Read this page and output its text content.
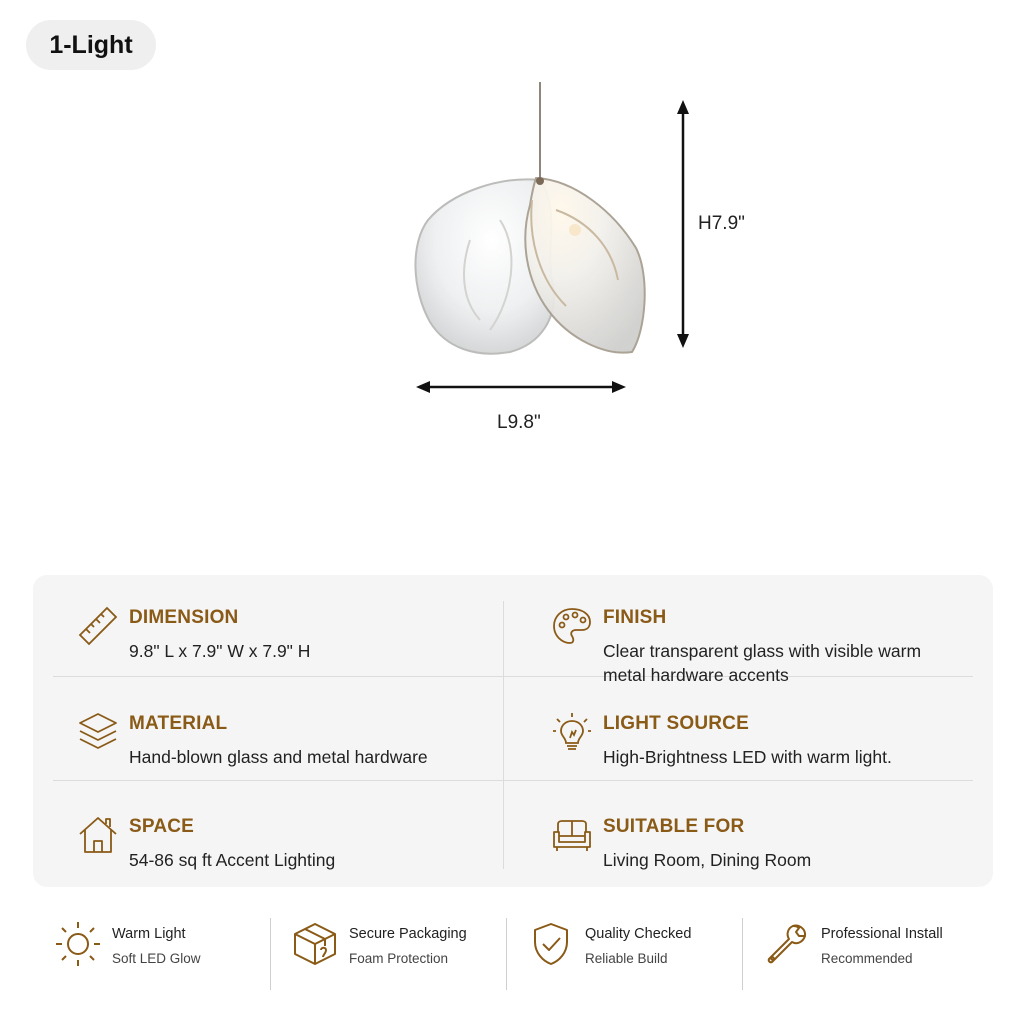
1-Light
H7.9"
L9.8"
DIMENSION
9.8" L x 7.9" W x 7.9" H
FINISH
Clear transparent glass with visible warm metal hardware accents
MATERIAL
Hand-blown glass and metal hardware
LIGHT SOURCE
High-Brightness LED with warm light.
SPACE
54-86 sq ft Accent Lighting
SUITABLE FOR
Living Room, Dining Room
Warm Light
Soft LED Glow
Secure Packaging
Foam Protection
Quality Checked
Reliable Build
Professional Install
Recommended
